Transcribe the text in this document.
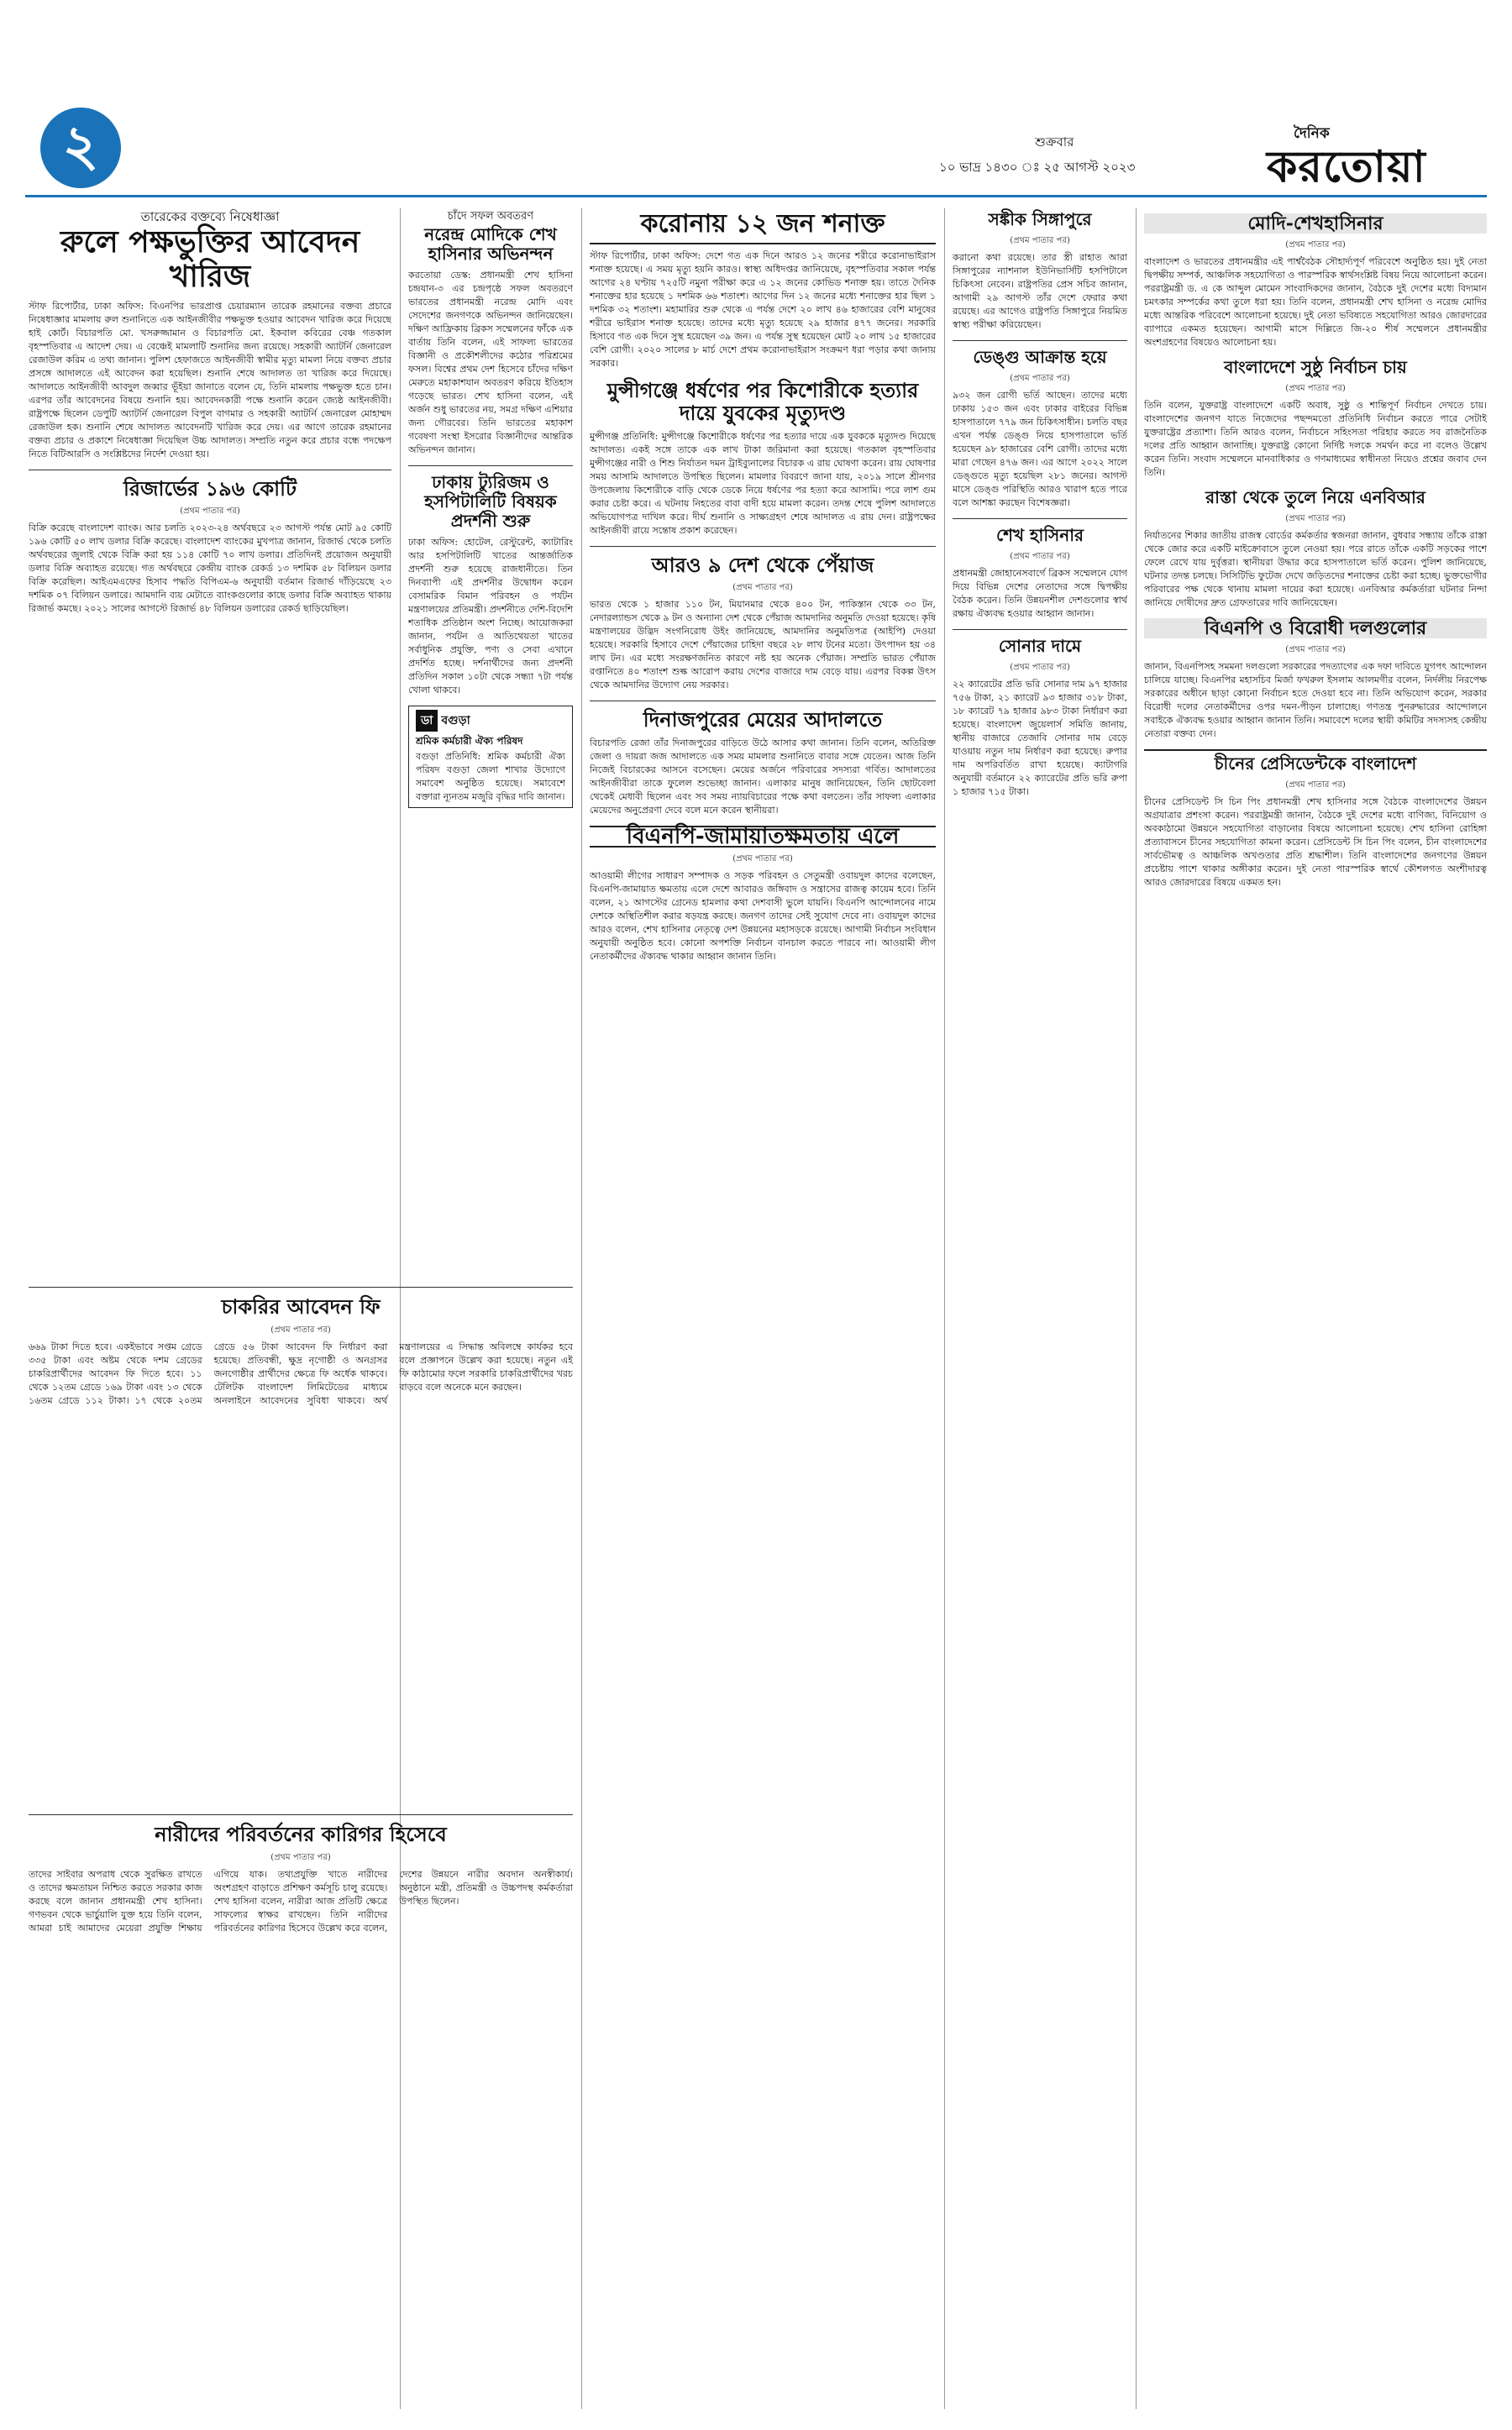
২	শুক্রবার
১০ ভাদ্র ১৪৩০ ঃ ২৫ আগস্ট ২০২৩
দৈনিক
করতোয়া
তারেকের বক্তব্যে নিষেধাজ্ঞা
রুলে পক্ষভুক্তির আবেদন খারিজ

স্টাফ রিপোর্টার, ঢাকা অফিস: বিএনপির ভারপ্রাপ্ত চেয়ারম্যান তারেক রহমানের বক্তব্য প্রচারে নিষেধাজ্ঞার মামলায় রুল শুনানিতে এক আইনজীবীর পক্ষভুক্ত হওয়ার আবেদন খারিজ করে দিয়েছে হাই কোর্ট। বিচারপতি মো. খসরুজ্জামান ও বিচারপতি মো. ইকবাল কবিরের বেঞ্চ গতকাল বৃহস্পতিবার এ আদেশ দেয়। এ বেঞ্চেই মামলাটি শুনানির জন্য রয়েছে। সহকারী অ্যাটর্নি জেনারেল রেজাউল করিম এ তথ্য জানান। পুলিশ হেফাজতে আইনজীবী স্বামীর মৃত্যু মামলা নিয়ে বক্তব্য প্রচার প্রসঙ্গে আদালতে এই আবেদন করা হয়েছিল। শুনানি শেষে আদালত তা খারিজ করে দিয়েছে। আদালতে আইনজীবী আবদুল জব্বার ভূঁইয়া জানাতে বলেন যে, তিনি মামলায় পক্ষভুক্ত হতে চান। এরপর তাঁর আবেদনের বিষয়ে শুনানি হয়। আবেদনকারী পক্ষে শুনানি করেন জ্যেষ্ঠ আইনজীবী। রাষ্ট্রপক্ষে ছিলেন ডেপুটি অ্যাটর্নি জেনারেল বিপুল বাগমার ও সহকারী অ্যাটর্নি জেনারেল মোহাম্মদ রেজাউল হক। শুনানি শেষে আদালত আবেদনটি খারিজ করে দেয়। এর আগে তারেক রহমানের বক্তব্য প্রচার ও প্রকাশে নিষেধাজ্ঞা দিয়েছিল উচ্চ আদালত। সম্প্রতি নতুন করে প্রচার বন্ধে পদক্ষেপ নিতে বিটিআরসি ও সংশ্লিষ্টদের নির্দেশ দেওয়া হয়।

রিজার্ভের ১৯৬ কোটি
(প্রথম পাতার পর)

বিক্রি করেছে বাংলাদেশ ব্যাংক। আর চলতি ২০২৩-২৪ অর্থবছরে ২৩ আগস্ট পর্যন্ত মোট ৯৫ কোটি ১৯৬ কোটি ৫০ লাখ ডলার বিক্রি করেছে। বাংলাদেশ ব্যাংকের মুখপাত্র জানান, রিজার্ভ থেকে চলতি অর্থবছরের জুলাই থেকে বিক্রি করা হয় ১১৪ কোটি ৭০ লাখ ডলার। প্রতিদিনই প্রয়োজন অনুযায়ী ডলার বিক্রি অব্যাহত রয়েছে। গত অর্থবছরে কেন্দ্রীয় ব্যাংক রেকর্ড ১৩ দশমিক ৫৮ বিলিয়ন ডলার বিক্রি করেছিল। আইএমএফের হিসাব পদ্ধতি বিপিএম-৬ অনুযায়ী বর্তমান রিজার্ভ দাঁড়িয়েছে ২৩ দশমিক ০৭ বিলিয়ন ডলারে। আমদানি ব্যয় মেটাতে ব্যাংকগুলোর কাছে ডলার বিক্রি অব্যাহত থাকায় রিজার্ভ কমছে। ২০২১ সালের আগস্টে রিজার্ভ ৪৮ বিলিয়ন ডলারের রেকর্ড ছাড়িয়েছিল।

চাঁদে সফল অবতরণ
নরেন্দ্র মোদিকে শেখ হাসিনার অভিনন্দন

করতোয়া ডেস্ক: প্রধানমন্ত্রী শেখ হাসিনা চন্দ্রযান-৩ এর চন্দ্রপৃষ্ঠে সফল অবতরণে ভারতের প্রধানমন্ত্রী নরেন্দ্র মোদি এবং সেদেশের জনগণকে অভিনন্দন জানিয়েছেন। দক্ষিণ আফ্রিকায় ব্রিকস সম্মেলনের ফাঁকে এক বার্তায় তিনি বলেন, এই সাফল্য ভারতের বিজ্ঞানী ও প্রকৌশলীদের কঠোর পরিশ্রমের ফসল। বিশ্বের প্রথম দেশ হিসেবে চাঁদের দক্ষিণ মেরুতে মহাকাশযান অবতরণ করিয়ে ইতিহাস গড়েছে ভারত। শেখ হাসিনা বলেন, এই অর্জন শুধু ভারতের নয়, সমগ্র দক্ষিণ এশিয়ার জন্য গৌরবের। তিনি ভারতের মহাকাশ গবেষণা সংস্থা ইসরোর বিজ্ঞানীদের আন্তরিক অভিনন্দন জানান।

ঢাকায় ট্যুরিজম ও হসপিটালিটি বিষয়ক প্রদর্শনী শুরু

ঢাকা অফিস: হোটেল, রেস্টুরেন্ট, ক্যাটারিং আর হসপিটালিটি খাতের আন্তর্জাতিক প্রদর্শনী শুরু হয়েছে রাজধানীতে। তিন দিনব্যাপী এই প্রদর্শনীর উদ্বোধন করেন বেসামরিক বিমান পরিবহন ও পর্যটন মন্ত্রণালয়ের প্রতিমন্ত্রী। প্রদর্শনীতে দেশি-বিদেশি শতাধিক প্রতিষ্ঠান অংশ নিচ্ছে। আয়োজকরা জানান, পর্যটন ও আতিথেয়তা খাতের সর্বাধুনিক প্রযুক্তি, পণ্য ও সেবা এখানে প্রদর্শিত হচ্ছে। দর্শনার্থীদের জন্য প্রদর্শনী প্রতিদিন সকাল ১০টা থেকে সন্ধ্যা ৭টা পর্যন্ত খোলা থাকবে।

ডা বগুড়া
শ্রমিক কর্মচারী ঐক্য পরিষদ
বগুড়া প্রতিনিধি: শ্রমিক কর্মচারী ঐক্য পরিষদ বগুড়া জেলা শাখার উদ্যোগে সমাবেশ অনুষ্ঠিত হয়েছে। সমাবেশে বক্তারা ন্যূনতম মজুরি বৃদ্ধির দাবি জানান।
চাকরির আবেদন ফি
(প্রথম পাতার পর)

৬৬৯ টাকা দিতে হবে। একইভাবে সপ্তম গ্রেডে ৩৩৫ টাকা এবং অষ্টম থেকে দশম গ্রেডের চাকরিপ্রার্থীদের আবেদন ফি দিতে হবে। ১১ থেকে ১২তম গ্রেডে ১৬৯ টাকা এবং ১৩ থেকে ১৬তম গ্রেডে ১১২ টাকা। ১৭ থেকে ২০তম গ্রেডে ৫৬ টাকা আবেদন ফি নির্ধারণ করা হয়েছে। প্রতিবন্ধী, ক্ষুদ্র নৃগোষ্ঠী ও অনগ্রসর জনগোষ্ঠীর প্রার্থীদের ক্ষেত্রে ফি অর্ধেক থাকবে। টেলিটক বাংলাদেশ লিমিটেডের মাধ্যমে অনলাইনে আবেদনের সুবিধা থাকবে। অর্থ মন্ত্রণালয়ের এ সিদ্ধান্ত অবিলম্বে কার্যকর হবে বলে প্রজ্ঞাপনে উল্লেখ করা হয়েছে। নতুন এই ফি কাঠামোর ফলে সরকারি চাকরিপ্রার্থীদের খরচ বাড়বে বলে অনেকে মনে করছেন।

নারীদের পরিবর্তনের কারিগর হিসেবে
(প্রথম পাতার পর)

তাদের সাইবার অপরাধ থেকে সুরক্ষিত রাখতে ও তাদের ক্ষমতায়ন নিশ্চিত করতে সরকার কাজ করছে বলে জানান প্রধানমন্ত্রী শেখ হাসিনা। গণভবন থেকে ভার্চুয়ালি যুক্ত হয়ে তিনি বলেন, আমরা চাই আমাদের মেয়েরা প্রযুক্তি শিক্ষায় এগিয়ে যাক। তথ্যপ্রযুক্তি খাতে নারীদের অংশগ্রহণ বাড়াতে প্রশিক্ষণ কর্মসূচি চালু রয়েছে। শেখ হাসিনা বলেন, নারীরা আজ প্রতিটি ক্ষেত্রে সাফল্যের স্বাক্ষর রাখছেন। তিনি নারীদের পরিবর্তনের কারিগর হিসেবে উল্লেখ করে বলেন, দেশের উন্নয়নে নারীর অবদান অনস্বীকার্য। অনুষ্ঠানে মন্ত্রী, প্রতিমন্ত্রী ও উচ্চপদস্থ কর্মকর্তারা উপস্থিত ছিলেন।

করোনায় ১২ জন শনাক্ত

স্টাফ রিপোর্টার, ঢাকা অফিস: দেশে গত এক দিনে আরও ১২ জনের শরীরে করোনাভাইরাস শনাক্ত হয়েছে। এ সময় মৃত্যু হয়নি কারও। স্বাস্থ্য অধিদপ্তর জানিয়েছে, বৃহস্পতিবার সকাল পর্যন্ত আগের ২৪ ঘণ্টায় ৭২৫টি নমুনা পরীক্ষা করে এ ১২ জনের কোভিড শনাক্ত হয়। তাতে দৈনিক শনাক্তের হার হয়েছে ১ দশমিক ৬৬ শতাংশ। আগের দিন ১২ জনের মধ্যে শনাক্তের হার ছিল ১ দশমিক ৩২ শতাংশ। মহামারির শুরু থেকে এ পর্যন্ত দেশে ২০ লাখ ৪৬ হাজারের বেশি মানুষের শরীরে ভাইরাস শনাক্ত হয়েছে। তাদের মধ্যে মৃত্যু হয়েছে ২৯ হাজার ৪৭৭ জনের। সরকারি হিসাবে গত এক দিনে সুস্থ হয়েছেন ৩৯ জন। এ পর্যন্ত সুস্থ হয়েছেন মোট ২০ লাখ ১৫ হাজারের বেশি রোগী। ২০২০ সালের ৮ মার্চ দেশে প্রথম করোনাভাইরাস সংক্রমণ ধরা পড়ার কথা জানায় সরকার।

মুন্সীগঞ্জে ধর্ষণের পর কিশোরীকে হত্যার দায়ে যুবকের মৃত্যুদণ্ড

মুন্সীগঞ্জ প্রতিনিধি: মুন্সীগঞ্জে কিশোরীকে ধর্ষণের পর হত্যার দায়ে এক যুবককে মৃত্যুদণ্ড দিয়েছে আদালত। একই সঙ্গে তাকে এক লাখ টাকা জরিমানা করা হয়েছে। গতকাল বৃহস্পতিবার মুন্সীগঞ্জের নারী ও শিশু নির্যাতন দমন ট্রাইব্যুনালের বিচারক এ রায় ঘোষণা করেন। রায় ঘোষণার সময় আসামি আদালতে উপস্থিত ছিলেন। মামলার বিবরণে জানা যায়, ২০১৯ সালে শ্রীনগর উপজেলায় কিশোরীকে বাড়ি থেকে ডেকে নিয়ে ধর্ষণের পর হত্যা করে আসামি। পরে লাশ গুম করার চেষ্টা করে। এ ঘটনায় নিহতের বাবা বাদী হয়ে মামলা করেন। তদন্ত শেষে পুলিশ আদালতে অভিযোগপত্র দাখিল করে। দীর্ঘ শুনানি ও সাক্ষ্যগ্রহণ শেষে আদালত এ রায় দেন। রাষ্ট্রপক্ষের আইনজীবী রায়ে সন্তোষ প্রকাশ করেছেন।

আরও ৯ দেশ থেকে পেঁয়াজ
(প্রথম পাতার পর)

ভারত থেকে ১ হাজার ১১০ টন, মিয়ানমার থেকে ৪০০ টন, পাকিস্তান থেকে ৩৩ টন, নেদারল্যান্ডস থেকে ৯ টন ও অন্যান্য দেশ থেকে পেঁয়াজ আমদানির অনুমতি দেওয়া হয়েছে। কৃষি মন্ত্রণালয়ের উদ্ভিদ সংগনিরোধ উইং জানিয়েছে, আমদানির অনুমতিপত্র (আইপি) দেওয়া হয়েছে। সরকারি হিসাবে দেশে পেঁয়াজের চাহিদা বছরে ২৮ লাখ টনের মতো। উৎপাদন হয় ৩৪ লাখ টন। এর মধ্যে সংরক্ষণজনিত কারণে নষ্ট হয় অনেক পেঁয়াজ। সম্প্রতি ভারত পেঁয়াজ রপ্তানিতে ৪০ শতাংশ শুল্ক আরোপ করায় দেশের বাজারে দাম বেড়ে যায়। এরপর বিকল্প উৎস থেকে আমদানির উদ্যোগ নেয় সরকার।

দিনাজপুরের মেয়ের আদালতে

বিচারপতি রেজা তাঁর দিনাজপুরের বাড়িতে উঠে আসার কথা জানান। তিনি বলেন, অতিরিক্ত জেলা ও দায়রা জজ আদালতে এক সময় মামলার শুনানিতে বাবার সঙ্গে যেতেন। আজ তিনি নিজেই বিচারকের আসনে বসেছেন। মেয়ের অর্জনে পরিবারের সদস্যরা গর্বিত। আদালতের আইনজীবীরা তাকে ফুলেল শুভেচ্ছা জানান। এলাকার মানুষ জানিয়েছেন, তিনি ছোটবেলা থেকেই মেধাবী ছিলেন এবং সব সময় ন্যায়বিচারের পক্ষে কথা বলতেন। তাঁর সাফল্য এলাকার মেয়েদের অনুপ্রেরণা দেবে বলে মনে করেন স্থানীয়রা।

বিএনপি-জামায়াতক্ষমতায় এলে
(প্রথম পাতার পর)

আওয়ামী লীগের সাধারণ সম্পাদক ও সড়ক পরিবহন ও সেতুমন্ত্রী ওবায়দুল কাদের বলেছেন, বিএনপি-জামায়াত ক্ষমতায় এলে দেশে আবারও জঙ্গিবাদ ও সন্ত্রাসের রাজত্ব কায়েম হবে। তিনি বলেন, ২১ আগস্টের গ্রেনেড হামলার কথা দেশবাসী ভুলে যায়নি। বিএনপি আন্দোলনের নামে দেশকে অস্থিতিশীল করার ষড়যন্ত্র করছে। জনগণ তাদের সেই সুযোগ দেবে না। ওবায়দুল কাদের আরও বলেন, শেখ হাসিনার নেতৃত্বে দেশ উন্নয়নের মহাসড়কে রয়েছে। আগামী নির্বাচন সংবিধান অনুযায়ী অনুষ্ঠিত হবে। কোনো অপশক্তি নির্বাচন বানচাল করতে পারবে না। আওয়ামী লীগ নেতাকর্মীদের ঐক্যবদ্ধ থাকার আহ্বান জানান তিনি।

সঙ্কীক সিঙ্গাপুরে
(প্রথম পাতার পর)

করানো কথা রয়েছে। তার স্ত্রী রাহাত আরা সিঙ্গাপুরের ন্যাশনাল ইউনিভার্সিটি হসপিটালে চিকিৎসা নেবেন। রাষ্ট্রপতির প্রেস সচিব জানান, আগামী ২৯ আগস্ট তাঁর দেশে ফেরার কথা রয়েছে। এর আগেও রাষ্ট্রপতি সিঙ্গাপুরে নিয়মিত স্বাস্থ্য পরীক্ষা করিয়েছেন।

ডেঙ্গু আক্রান্ত হয়ে
(প্রথম পাতার পর)

৯৩২ জন রোগী ভর্তি আছেন। তাদের মধ্যে ঢাকায় ১৫৩ জন এবং ঢাকার বাইরের বিভিন্ন হাসপাতালে ৭৭৯ জন চিকিৎসাধীন। চলতি বছর এখন পর্যন্ত ডেঙ্গু নিয়ে হাসপাতালে ভর্তি হয়েছেন ৯৮ হাজারের বেশি রোগী। তাদের মধ্যে মারা গেছেন ৪৭৬ জন। এর আগে ২০২২ সালে ডেঙ্গুতে মৃত্যু হয়েছিল ২৮১ জনের। আগস্ট মাসে ডেঙ্গু পরিস্থিতি আরও খারাপ হতে পারে বলে আশঙ্কা করছেন বিশেষজ্ঞরা।

শেখ হাসিনার
(প্রথম পাতার পর)

প্রধানমন্ত্রী জোহানেসবার্গে ব্রিকস সম্মেলনে যোগ দিয়ে বিভিন্ন দেশের নেতাদের সঙ্গে দ্বিপক্ষীয় বৈঠক করেন। তিনি উন্নয়নশীল দেশগুলোর স্বার্থ রক্ষায় ঐক্যবদ্ধ হওয়ার আহ্বান জানান।

সোনার দামে
(প্রথম পাতার পর)

২২ ক্যারেটের প্রতি ভরি সোনার দাম ৯৭ হাজার ৭৫৬ টাকা, ২১ ক্যারেট ৯৩ হাজার ৩১৮ টাকা, ১৮ ক্যারেট ৭৯ হাজার ৯৮৩ টাকা নির্ধারণ করা হয়েছে। বাংলাদেশ জুয়েলার্স সমিতি জানায়, স্থানীয় বাজারে তেজাবি সোনার দাম বেড়ে যাওয়ায় নতুন দাম নির্ধারণ করা হয়েছে। রুপার দাম অপরিবর্তিত রাখা হয়েছে। ক্যাটাগরি অনুযায়ী বর্তমানে ২২ ক্যারেটের প্রতি ভরি রুপা ১ হাজার ৭১৫ টাকা।

মোদি-শেখহাসিনার
(প্রথম পাতার পর)

বাংলাদেশ ও ভারতের প্রধানমন্ত্রীর এই পার্শ্ববৈঠক সৌহার্দ্যপূর্ণ পরিবেশে অনুষ্ঠিত হয়। দুই নেতা দ্বিপক্ষীয় সম্পর্ক, আঞ্চলিক সহযোগিতা ও পারস্পরিক স্বার্থসংশ্লিষ্ট বিষয় নিয়ে আলোচনা করেন। পররাষ্ট্রমন্ত্রী ড. এ কে আব্দুল মোমেন সাংবাদিকদের জানান, বৈঠকে দুই দেশের মধ্যে বিদ্যমান চমৎকার সম্পর্কের কথা তুলে ধরা হয়। তিনি বলেন, প্রধানমন্ত্রী শেখ হাসিনা ও নরেন্দ্র মোদির মধ্যে আন্তরিক পরিবেশে আলোচনা হয়েছে। দুই নেতা ভবিষ্যতে সহযোগিতা আরও জোরদারের ব্যাপারে একমত হয়েছেন। আগামী মাসে দিল্লিতে জি-২০ শীর্ষ সম্মেলনে প্রধানমন্ত্রীর অংশগ্রহণের বিষয়েও আলোচনা হয়।

বাংলাদেশে সুষ্ঠু নির্বাচন চায়
(প্রথম পাতার পর)

তিনি বলেন, যুক্তরাষ্ট্র বাংলাদেশে একটি অবাধ, সুষ্ঠু ও শান্তিপূর্ণ নির্বাচন দেখতে চায়। বাংলাদেশের জনগণ যাতে নিজেদের পছন্দমতো প্রতিনিধি নির্বাচন করতে পারে সেটাই যুক্তরাষ্ট্রের প্রত্যাশা। তিনি আরও বলেন, নির্বাচনে সহিংসতা পরিহার করতে সব রাজনৈতিক দলের প্রতি আহ্বান জানাচ্ছি। যুক্তরাষ্ট্র কোনো নির্দিষ্ট দলকে সমর্থন করে না বলেও উল্লেখ করেন তিনি। সংবাদ সম্মেলনে মানবাধিকার ও গণমাধ্যমের স্বাধীনতা নিয়েও প্রশ্নের জবাব দেন তিনি।

রাস্তা থেকে তুলে নিয়ে এনবিআর
(প্রথম পাতার পর)

নির্যাতনের শিকার জাতীয় রাজস্ব বোর্ডের কর্মকর্তার স্বজনরা জানান, বুধবার সন্ধ্যায় তাঁকে রাস্তা থেকে জোর করে একটি মাইক্রোবাসে তুলে নেওয়া হয়। পরে রাতে তাঁকে একটি সড়কের পাশে ফেলে রেখে যায় দুর্বৃত্তরা। স্থানীয়রা উদ্ধার করে হাসপাতালে ভর্তি করেন। পুলিশ জানিয়েছে, ঘটনার তদন্ত চলছে। সিসিটিভি ফুটেজ দেখে জড়িতদের শনাক্তের চেষ্টা করা হচ্ছে। ভুক্তভোগীর পরিবারের পক্ষ থেকে থানায় মামলা দায়ের করা হয়েছে। এনবিআর কর্মকর্তারা ঘটনার নিন্দা জানিয়ে দোষীদের দ্রুত গ্রেফতারের দাবি জানিয়েছেন।

বিএনপি ও বিরোধী দলগুলোর
(প্রথম পাতার পর)

জানান, বিএনপিসহ সমমনা দলগুলো সরকারের পদত্যাগের এক দফা দাবিতে যুগপৎ আন্দোলন চালিয়ে যাচ্ছে। বিএনপির মহাসচিব মির্জা ফখরুল ইসলাম আলমগীর বলেন, নির্দলীয় নিরপেক্ষ সরকারের অধীনে ছাড়া কোনো নির্বাচন হতে দেওয়া হবে না। তিনি অভিযোগ করেন, সরকার বিরোধী দলের নেতাকর্মীদের ওপর দমন-পীড়ন চালাচ্ছে। গণতন্ত্র পুনরুদ্ধারের আন্দোলনে সবাইকে ঐক্যবদ্ধ হওয়ার আহ্বান জানান তিনি। সমাবেশে দলের স্থায়ী কমিটির সদস্যসহ কেন্দ্রীয় নেতারা বক্তব্য দেন।

চীনের প্রেসিডেন্টকে বাংলাদেশ
(প্রথম পাতার পর)

চীনের প্রেসিডেন্ট সি চিন পিং প্রধানমন্ত্রী শেখ হাসিনার সঙ্গে বৈঠকে বাংলাদেশের উন্নয়ন অগ্রযাত্রার প্রশংসা করেন। পররাষ্ট্রমন্ত্রী জানান, বৈঠকে দুই দেশের মধ্যে বাণিজ্য, বিনিয়োগ ও অবকাঠামো উন্নয়নে সহযোগিতা বাড়ানোর বিষয়ে আলোচনা হয়েছে। শেখ হাসিনা রোহিঙ্গা প্রত্যাবাসনে চীনের সহযোগিতা কামনা করেন। প্রেসিডেন্ট সি চিন পিং বলেন, চীন বাংলাদেশের সার্বভৌমত্ব ও আঞ্চলিক অখণ্ডতার প্রতি শ্রদ্ধাশীল। তিনি বাংলাদেশের জনগণের উন্নয়ন প্রচেষ্টায় পাশে থাকার অঙ্গীকার করেন। দুই নেতা পারস্পরিক স্বার্থে কৌশলগত অংশীদারত্ব আরও জোরদারের বিষয়ে একমত হন।
